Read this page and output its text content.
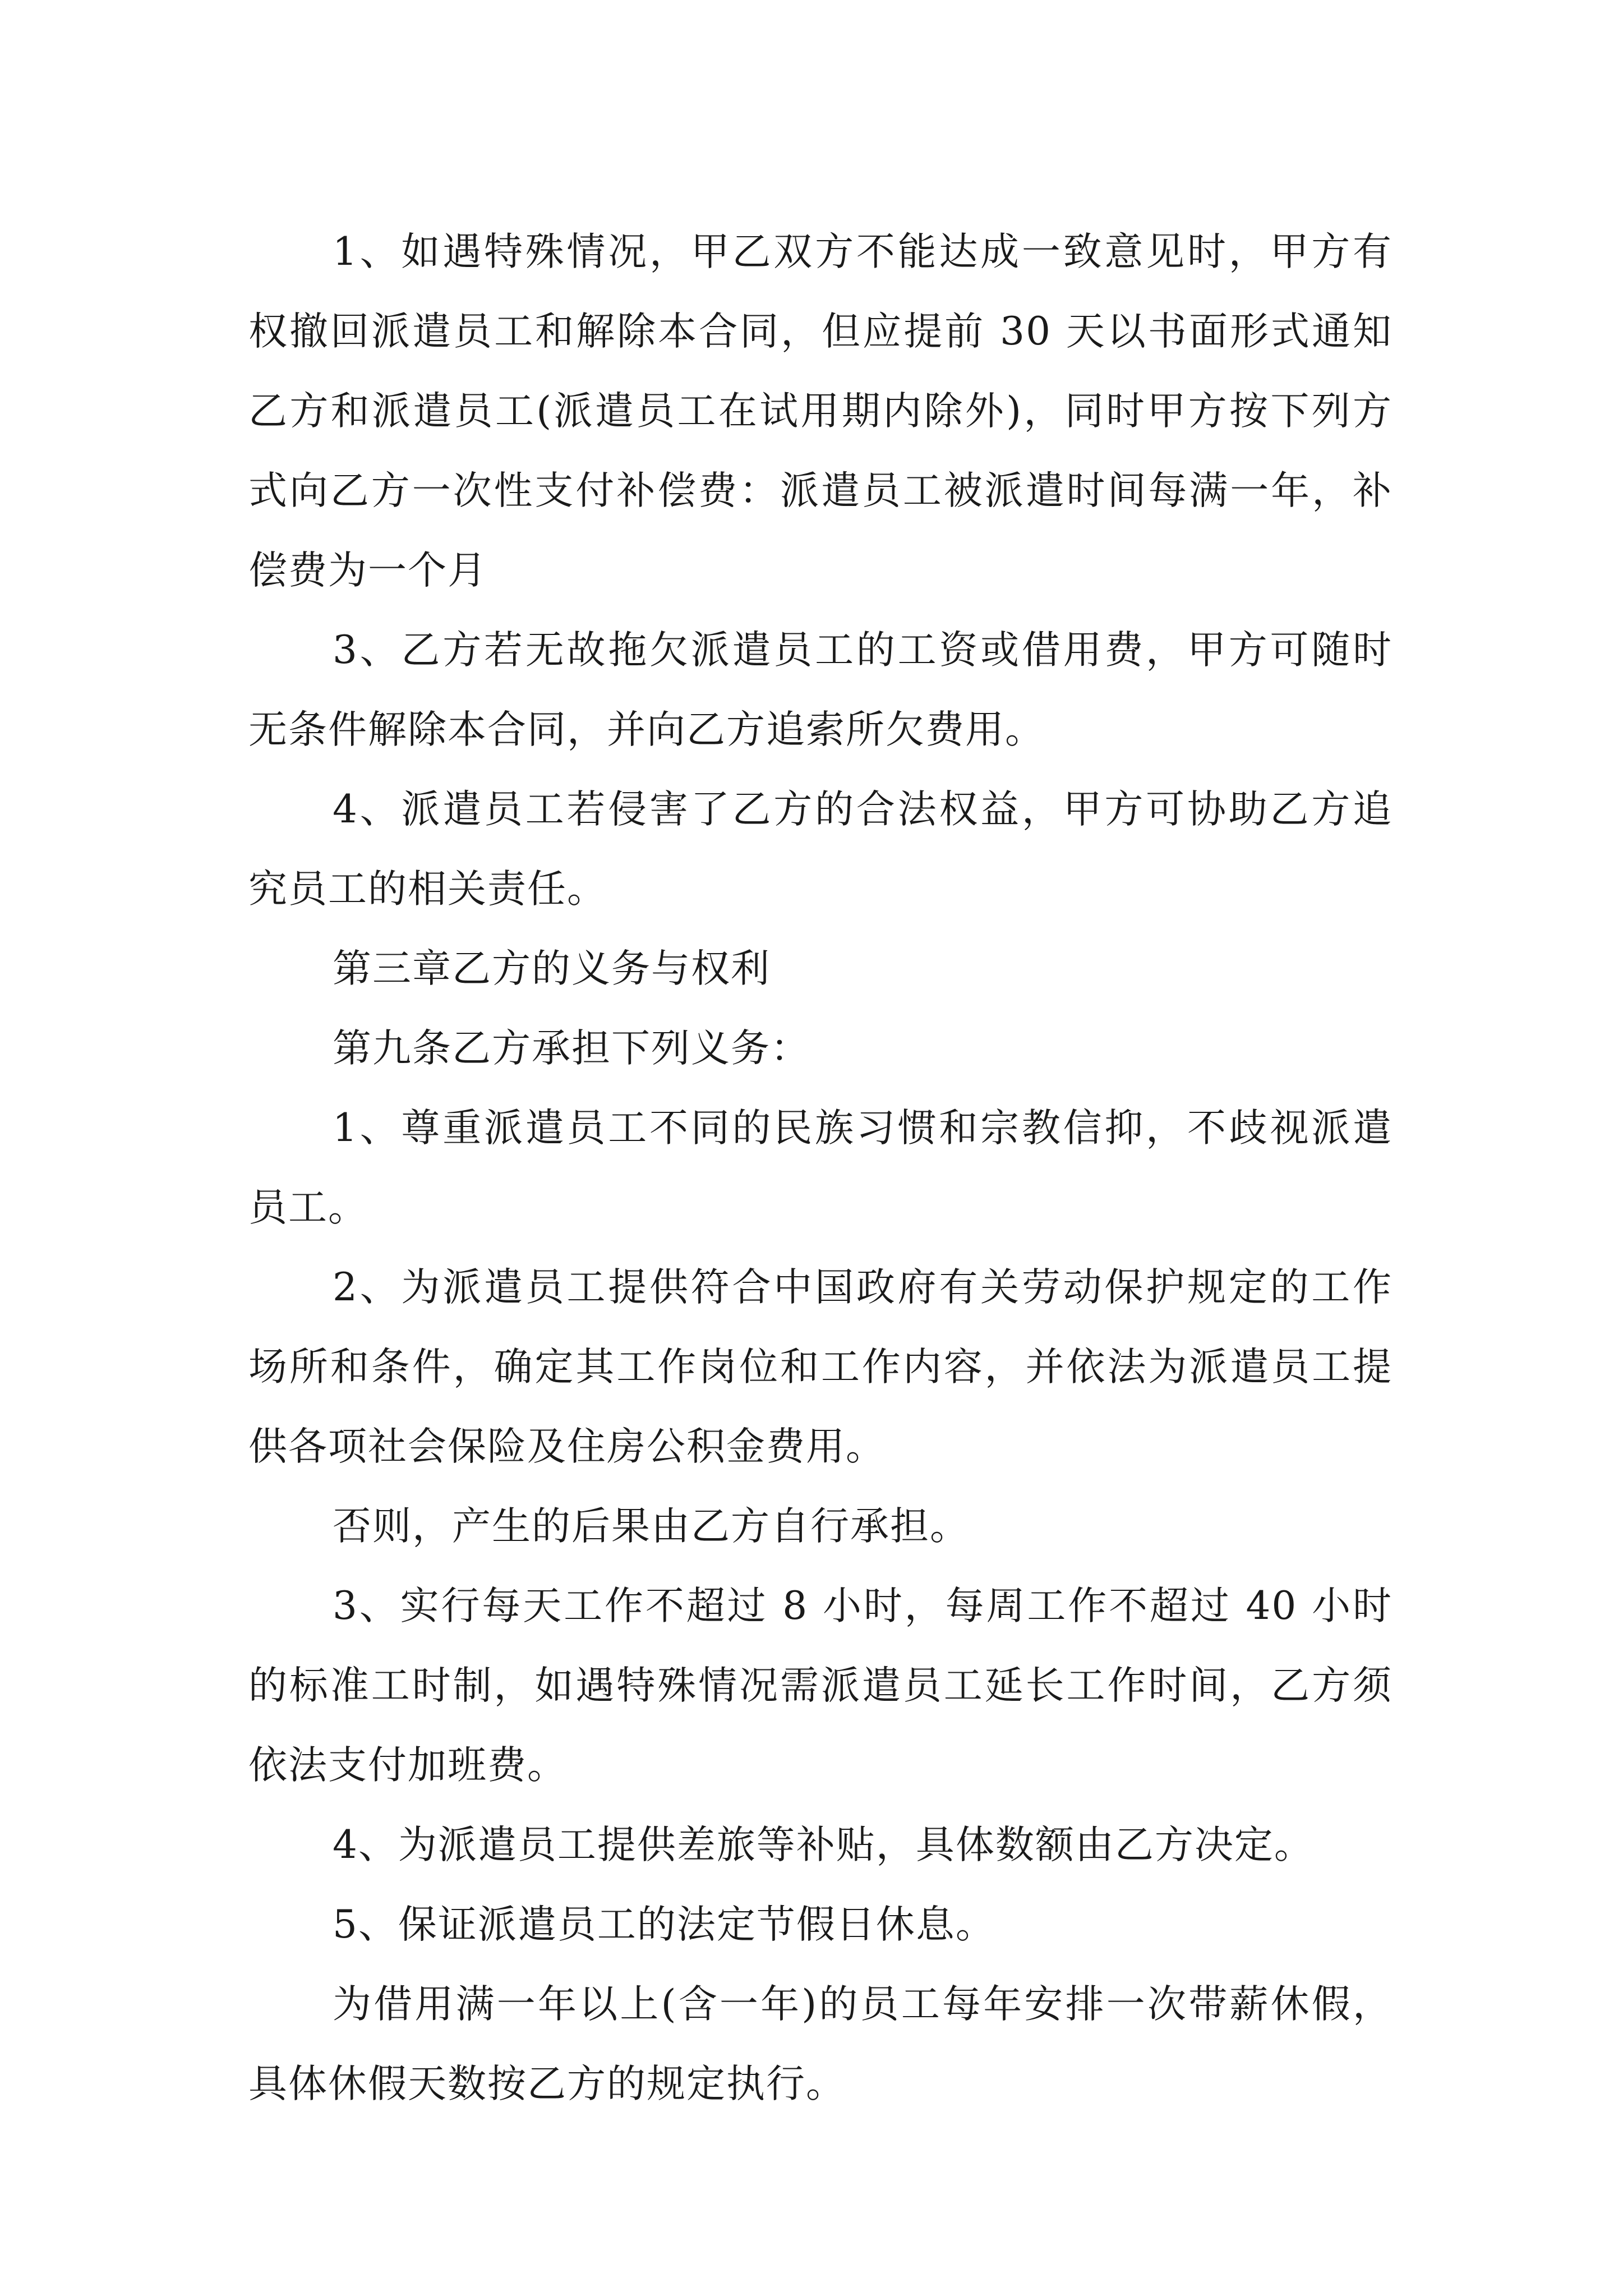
1、如遇特殊情况，甲乙双方不能达成一致意见时，甲方有权撤回派遣员工和解除本合同，但应提前 30 天以书面形式通知乙方和派遣员工(派遣员工在试用期内除外)，同时甲方按下列方式向乙方一次性支付补偿费：派遣员工被派遣时间每满一年，补偿费为一个月

3、乙方若无故拖欠派遣员工的工资或借用费，甲方可随时无条件解除本合同，并向乙方追索所欠费用。

4、派遣员工若侵害了乙方的合法权益，甲方可协助乙方追究员工的相关责任。

第三章乙方的义务与权利

第九条乙方承担下列义务：

1、尊重派遣员工不同的民族习惯和宗教信抑，不歧视派遣员工。

2、为派遣员工提供符合中国政府有关劳动保护规定的工作场所和条件，确定其工作岗位和工作内容，并依法为派遣员工提供各项社会保险及住房公积金费用。

否则，产生的后果由乙方自行承担。

3、实行每天工作不超过 8 小时，每周工作不超过 40 小时的标准工时制，如遇特殊情况需派遣员工延长工作时间，乙方须依法支付加班费。

4、为派遣员工提供差旅等补贴，具体数额由乙方决定。

5、保证派遣员工的法定节假日休息。

为借用满一年以上(含一年)的员工每年安排一次带薪休假，具体休假天数按乙方的规定执行。
